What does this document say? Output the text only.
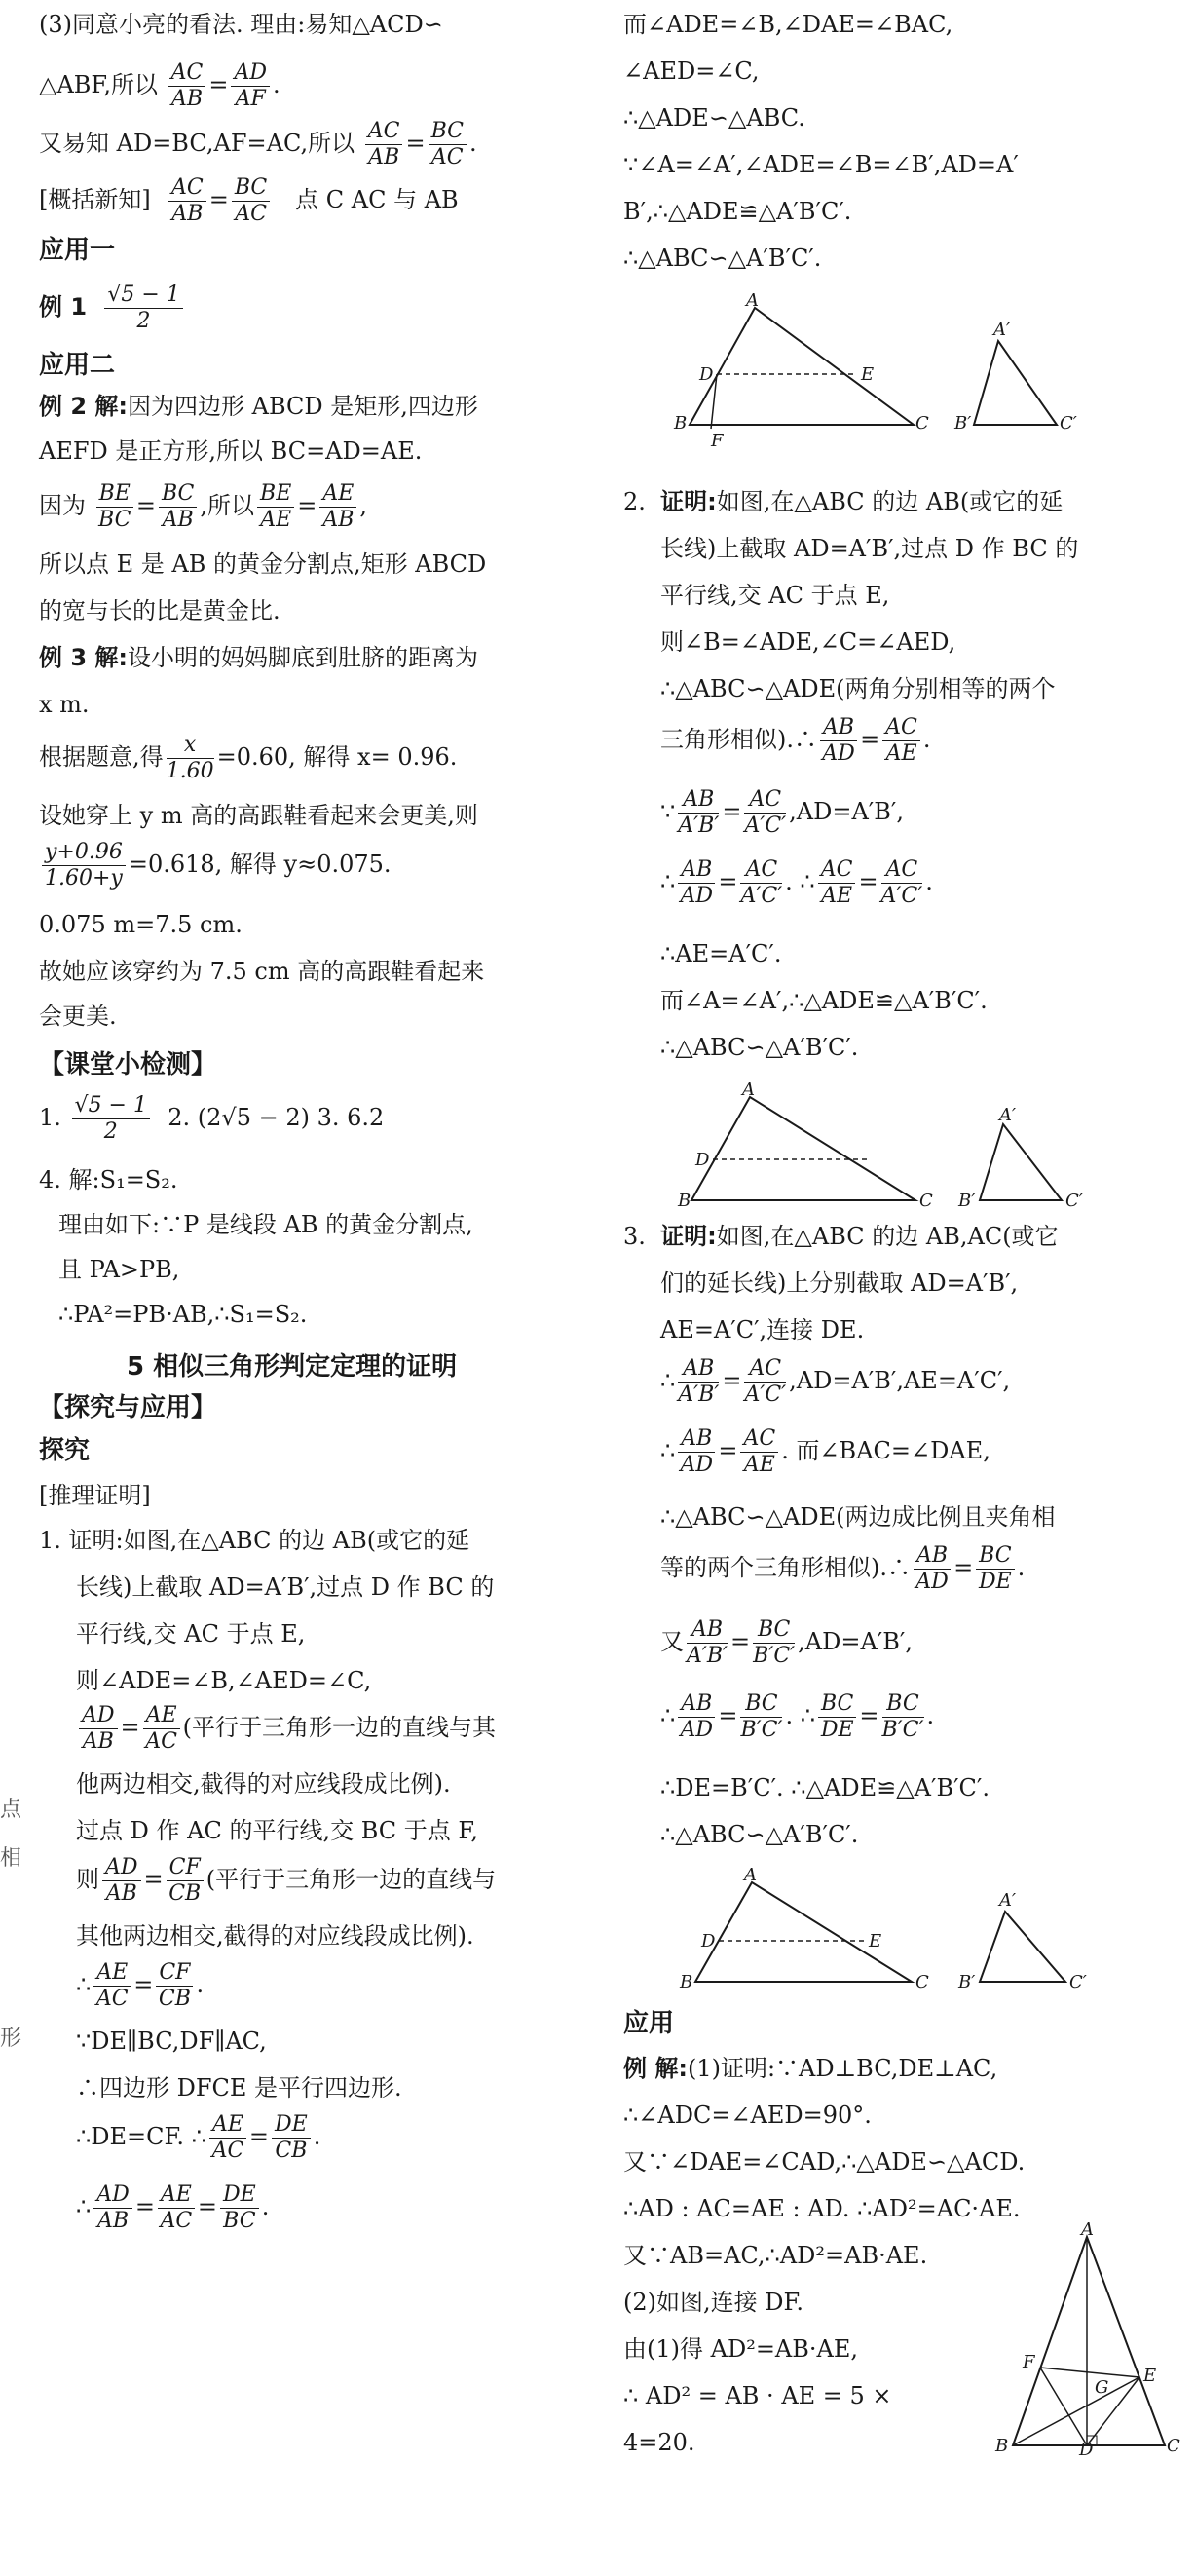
(3)同意小亮的看法. 理由:易知△ACD∽
△ABF,所以 $\frac{AC}{AB} = \frac{AD}{AF}$ .
又易知 AD=BC,AF=AC,所以 $\frac{AC}{AB} = \frac{BC}{AC}$ .
[概括新知] $\frac{AC}{AB} = \frac{BC}{AC}$ 点 C AC 与 AB
应用一
例 $1 \frac{√5 - 1}{2}$
应用二
例 2 解:因为四边形 ABCD 是矩形,四边形
AEFD 是正方形,所以 BC=AD=AE.
因为 $\frac{BE}{BC} = \frac{BC}{AB}$ ,所以 $\frac{BE}{AE} = \frac{AE}{AB}$ ,
所以点 E 是 AB 的黄金分割点,矩形 ABCD
的宽与长的比是黄金比.
例 3 解:设小明的妈妈脚底到肚脐的距离为
x m.
根据题意,得 $\frac{x}{1.60} =0.60$, 解得 x= 0.96.
设她穿上 y m 高的高跟鞋看起来会更美,则
$\frac{y+0.96}{1.60+y} =0.618$, 解得 y≈0.075.
0.075 m=7.5 cm.
故她应该穿约为 7.5 cm 高的高跟鞋看起来
会更美.
【课堂小检测】
1. $\frac{√5 - 1}{2} 2$. (2√5 − 2) 3. 6.2
4. 解:S₁=S₂.
理由如下:∵P 是线段 AB 的黄金分割点,
且 PA>PB,
∴PA²=PB·AB,∴S₁=S₂.
5 相似三角形判定定理的证明
【探究与应用】
探究
[推理证明]
1. 证明:如图,在△ABC 的边 AB(或它的延
长线)上截取 AD=A′B′,过点 D 作 BC 的
平行线,交 AC 于点 E,
则∠ADE=∠B,∠AED=∠C,
$\frac{AD}{AB} = \frac{AE}{AC}$ (平行于三角形一边的直线与其
他两边相交,截得的对应线段成比例).
过点 D 作 AC 的平行线,交 BC 于点 F,
则 $\frac{AD}{AB} = \frac{CF}{CB}$ (平行于三角形一边的直线与
其他两边相交,截得的对应线段成比例).
∴ $\frac{AE}{AC} = \frac{CF}{CB}$ .
∵DE∥BC,DF∥AC,
∴四边形 DFCE 是平行四边形.
∴DE=CF. ∴ $\frac{AE}{AC} = \frac{DE}{CB}$ .
∴ $\frac{AD}{AB} = \frac{AE}{AC} = \frac{DE}{BC}$ .
点
相
形
而∠ADE=∠B,∠DAE=∠BAC,
∠AED=∠C,
∴△ADE∽△ABC.
∵∠A=∠A′,∠ADE=∠B=∠B′,AD=A′
B′,∴△ADE≌△A′B′C′.
∴△ABC∽△A′B′C′.
A
D	E
B	C
F
A′
B′	C′
2. 证明:如图,在△ABC 的边 AB(或它的延
长线)上截取 AD=A′B′,过点 D 作 BC 的
平行线,交 AC 于点 E,
则∠B=∠ADE,∠C=∠AED,
∴△ABC∽△ADE(两角分别相等的两个
三角形相似).∴ $\frac{AB}{AD} = \frac{AC}{AE}$ .
∵ $\frac{AB}{A'B'} = \frac{AC}{A'C'} ,AD=A'B'$,
∴ $\frac{AB}{AD} = \frac{AC}{A'C'}$ . ∴ $\frac{AC}{AE} = \frac{AC}{A'C'}$ .
∴AE=A′C′.
而∠A=∠A′,∴△ADE≌△A′B′C′.
∴△ABC∽△A′B′C′.
A
D
B	C
A′
B′	C′
3. 证明:如图,在△ABC 的边 AB,AC(或它
们的延长线)上分别截取 AD=A′B′,
AE=A′C′,连接 DE.
∴ $\frac{AB}{A'B'} = \frac{AC}{A'C'} ,AD=A'B',AE=A'C'$,
∴ $\frac{AB}{AD} = \frac{AC}{AE}$ . 而∠BAC=∠DAE,
∴△ABC∽△ADE(两边成比例且夹角相
等的两个三角形相似).∴ $\frac{AB}{AD} = \frac{BC}{DE}$ .
又 $\frac{AB}{A'B'} = \frac{BC}{B'C'} ,AD=A'B'$,
∴ $\frac{AB}{AD} = \frac{BC}{B'C'}$ . ∴ $\frac{BC}{DE} = \frac{BC}{B'C'}$ .
∴DE=B′C′. ∴△ADE≌△A′B′C′.
∴△ABC∽△A′B′C′.
A
D	E
B	C
A′
B′	C′
应用
例 解:(1)证明:∵AD⊥BC,DE⊥AC,
∴∠ADC=∠AED=90°.
又∵∠DAE=∠CAD,∴△ADE∽△ACD.
∴AD : AC=AE : AD. ∴AD²=AC·AE.
又∵AB=AC,∴AD²=AB·AE.
(2)如图,连接 DF.
由(1)得 AD²=AB·AE,
∴ AD² = AB · AE = 5 ×
4=20.
A
F
G
E
B	D	C
